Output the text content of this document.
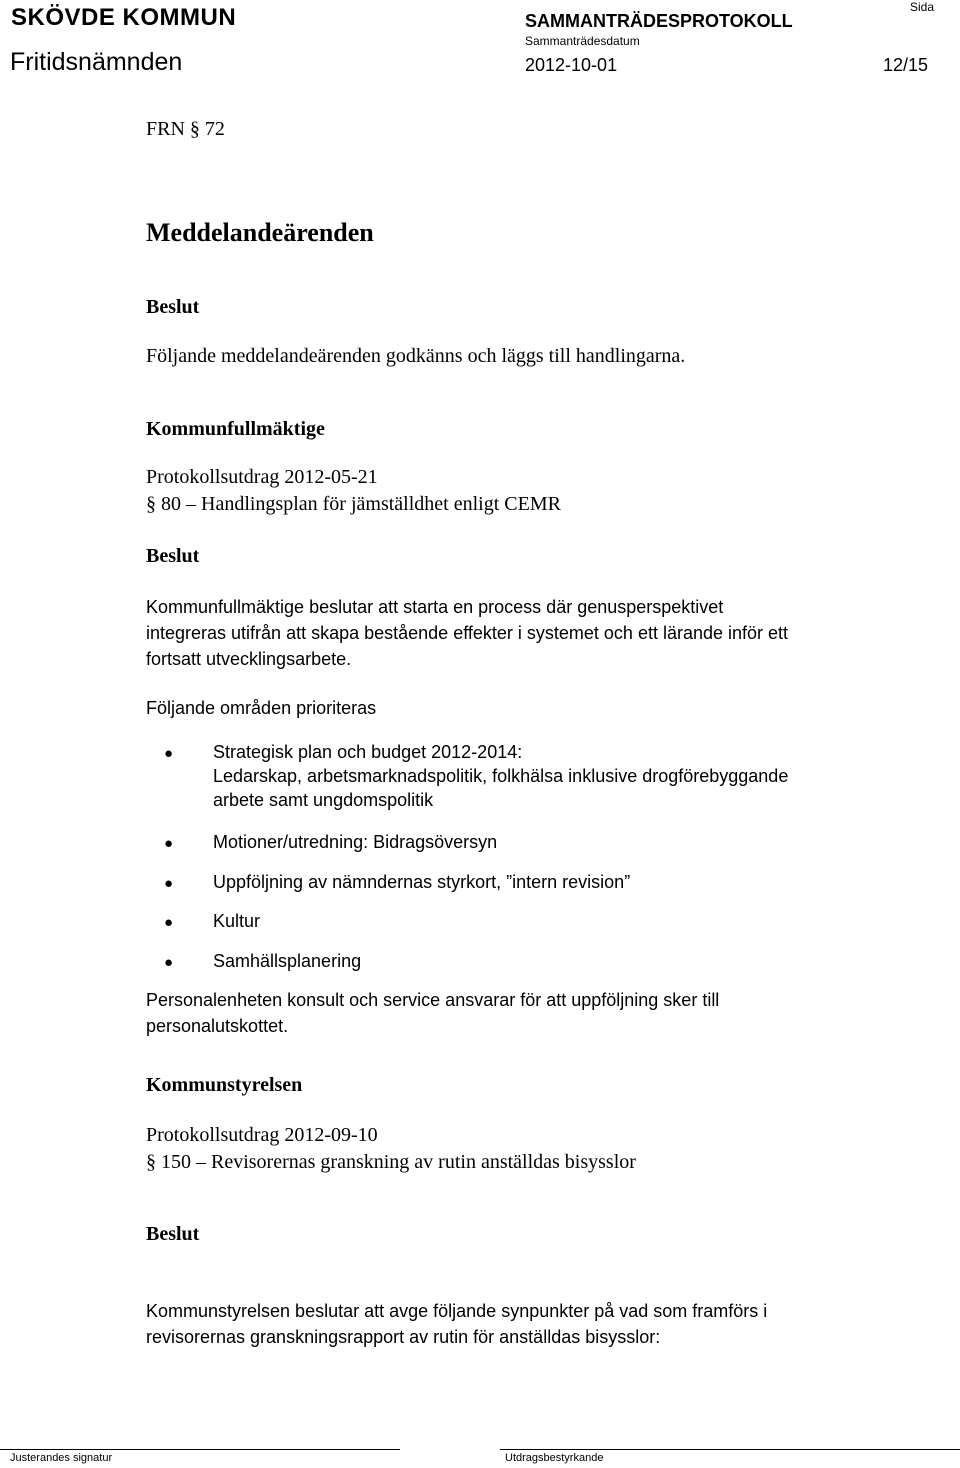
SKÖVDE KOMMUN	SAMMANTRÄDESPROTOKOLL
Sida
Sammanträdesdatum
Fritidsnämnden	2012-10-01	12/15
FRN § 72
Meddelandeärenden
Beslut
Följande meddelandeärenden godkänns och läggs till handlingarna.
Kommunfullmäktige
Protokollsutdrag 2012-05-21
§ 80 – Handlingsplan för jämställdhet enligt CEMR
Beslut
Kommunfullmäktige beslutar att starta en process där genusperspektivet
integreras utifrån att skapa bestående effekter i systemet och ett lärande inför ett
fortsatt utvecklingsarbete.
Följande områden prioriteras
● Strategisk plan och budget 2012-2014:
Ledarskap, arbetsmarknadspolitik, folkhälsa inklusive drogförebyggande
arbete samt ungdomspolitik
● Motioner/utredning: Bidragsöversyn
● Uppföljning av nämndernas styrkort, ”intern revision”
● Kultur
● Samhällsplanering
Personalenheten konsult och service ansvarar för att uppföljning sker till
personalutskottet.
Kommunstyrelsen
Protokollsutdrag 2012-09-10
§ 150 – Revisorernas granskning av rutin anställdas bisysslor
Beslut
Kommunstyrelsen beslutar att avge följande synpunkter på vad som framförs i
revisorernas granskningsrapport av rutin för anställdas bisysslor:
Justerandes signatur	Utdragsbestyrkande
